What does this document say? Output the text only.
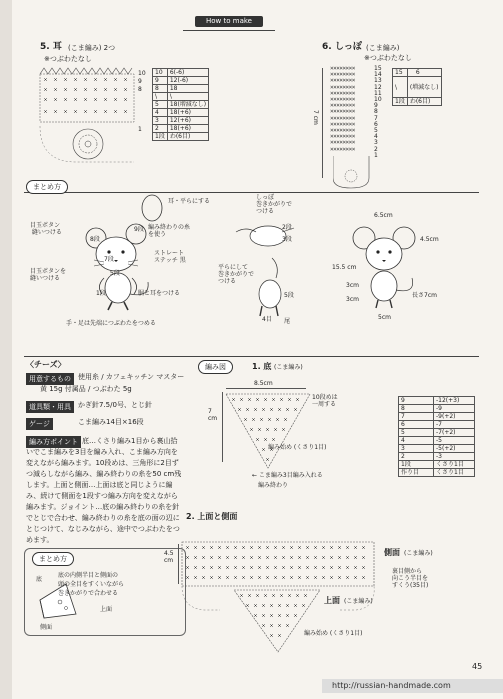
How to make
5. 耳 (こま編み) 2つ
※つぶわたなし
10
9
8
1
10	6(-6)
9	12(-6)
8	18
\	\
5	18(増減なし)
4	18(+6)
3	12(+6)
2	18(+6)
1段	わ(6目)
6. しっぽ (こま編み)
※つぶわたなし
××××××××
××××××××
××××××××
××××××××
××××××××
××××××××
××××××××
××××××××
××××××××
××××××××
××××××××
××××××××
××××××××
××××××××
7 cm
15
14
13
12
11
10
9
8
7
6
5
4
3
2
1
15	6
\	(増減なし)
1段	わ(6目)
まとめ方
耳・平らにする
目玉ボタン
縫いつける
編み終わりの糸
を使う
ストレート
ステッチ 黒
目玉ボタンを
縫いつける
胴と耳をつける
手・足は先端につぶわたをつめる
9段
8段
7段
5段
1段
しっぽ
巻きかがりで
つける
2段
3段
平らにして
巻きかがりで
つける
5段
4目 尾
6.5cm
4.5cm
15.5 cm
3cm
3cm
長さ7cm
5cm
〈チーズ〉
用意するもの	使用糸 / カフェキッチン マスター
黄 15g 付属品 / つぶわた 5g
道具類・用具	かぎ針7.5/0号、とじ針
ゲージ	こま編み14目×16段
編み方ポイント 底…くさり編み1目から裏山拾いでこま編みを3目を編み入れ、こま編み方向を変えながら編みます。10段めは、三角形に2目ずつ減らしながら編み、編み終わりの糸を50 cm残します。上面と側面…上面は底と同じように編み、続けて側面を1段すつ編み方向を変えながら編みます。ジョイント…底の編み終わりの糸を針でとじで合わせ、編み終わりの糸を底の面の辺にとじつけて、なじみながら、途中でつぶわたをつめます。
まとめ方
底
底の内側半目と側面の
頭の全目をすくいながら
巻きかがりで合わせる
上面
側面
編み図	1. 底 (こま編み)
8.5cm
7
cm
10段めは
一周する
編み始め (くさり1目)
← こま編み3目編み入れる
編み終わり
9	-12(+3)
8	-9
7	-9(+2)
6	-7
5	-7(+2)
4	-5
3	-5(+2)
2	-3
1段	くさり1目
作り目	くさり1目
2. 上面と側面
4.5
cm
側面 (こま編み)
裏目側から
向こう半目を
すくう(35目)
上面 (こま編み)
編み始め (くさり1目)
45
http://russian-handmade.com
